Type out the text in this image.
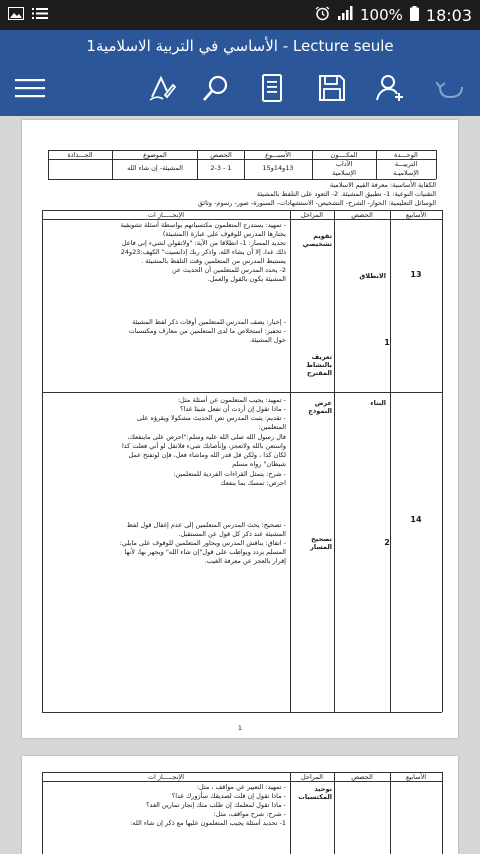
100% 18:03
1الأساسي في التربية الاسلامية - Lecture seule
الوحـــدة
المكــــون
الأسبـــوع
الحصص
الموضوع
الجـــذاذة
التربيـــة
الإسلاميـة
الآداب
الإسلامية
13و14و15
1 - 2-3
المشيئة- إن شاء الله
الكفاية الأساسية: معرفة القيم الاسلامية
التقنيات النوعية: 1- تطبيق المشيئة. 2- التعود على التلفظ بالمشيئة
الوسائل التعليمية: الحوار- الشرح- التشخيص- الاستشهادات- السبورة- صور- رسوم- وثائق
الأسابيع
الحصص
المراحل
الإنجـــــاز ات
13
14
1
2
تقويم تشخيصي
الانطلاق
تعريف بالنشاط المقترح
البناء
عرض النموذج
تصحيح المسار
- تمهيد: يستدرج المتعلمون مكتسباتهم بواسطة أسئلة تشويقية
يختارها المدرس للوقوف على عبارة (المشيئة)
تحديد المسار: 1- انطلاقا من الآية: "ولاتقولن لشيء إني فاعل
ذلك غدا، إلا أن يشاء الله، واذكر ربك إذانسيت" الكهف:23و24
يستنبط المدرس من المتعلمين وقت التلفظ بالمشيئة .
2- يحدد المدرس للمتعلمين أن الحديث عن
المشيئة يكون بالقول والعمل.
- إخبار: يصف المدرس للمتعلمين أوقات ذكر لفظ المشيئة
- تحفيز: استخلاص ما لدى المتعلمين من معارف ومكتسبات
حول المشيئة.
- تمهيد: يجيب المتعلمون عن أسئلة مثل:
- ماذا تقول إن أردت أن تفعل شيئا غدا؟
- تقديم: يثبت المدرس نص الحديث مشكولا ويقرؤه على
المتعلمين:
قال رسول الله صلى الله عليه وسلم:"احرص على ماينفعك،
واستعن بالله ولاتعجز، وإنأصابك شيء فلاتقل لو أني فعلت كذا
لكان كذا ، ولكن قل قدر الله وماشاء فعل، فإن لوتفتح عمل
شيطان" رواه مسلم
- شرح: يتمثل القراءات الفردية للمتعلمين:
احرص: تمسك بما ينفعك
- تصحيح: يحث المدرس المتعلمين إلى عدم إغفال قول لفظ
المشيئة عند ذكر كل قول عن المستقبل.
- اتفاق: يناقش المدرس ويحاور المتعلمين للوقوف على مايلي:
المسلم يردد ويواظب على قول"إن شاء الله" ويجهر بها، لأنها
إقرار بالعجز عن معرفة الغيب.
1
الأسابيع
الحصص
المراحل
الإنجـــــاز ات
توحيد المكتسبات
- تمهيد: التعبير عن مواقف ، مثل:
- ماذا تقول إن قلت لصديقك سأزورك غدا؟
- ماذا تقول لمعلمك إن طلب منك إنجاز تمارين الغد؟
- شرح: شرح مواقف، مثل:
1- تحديد أسئلة يجيب المتعلمون عليها مع ذكر إن شاء الله:
